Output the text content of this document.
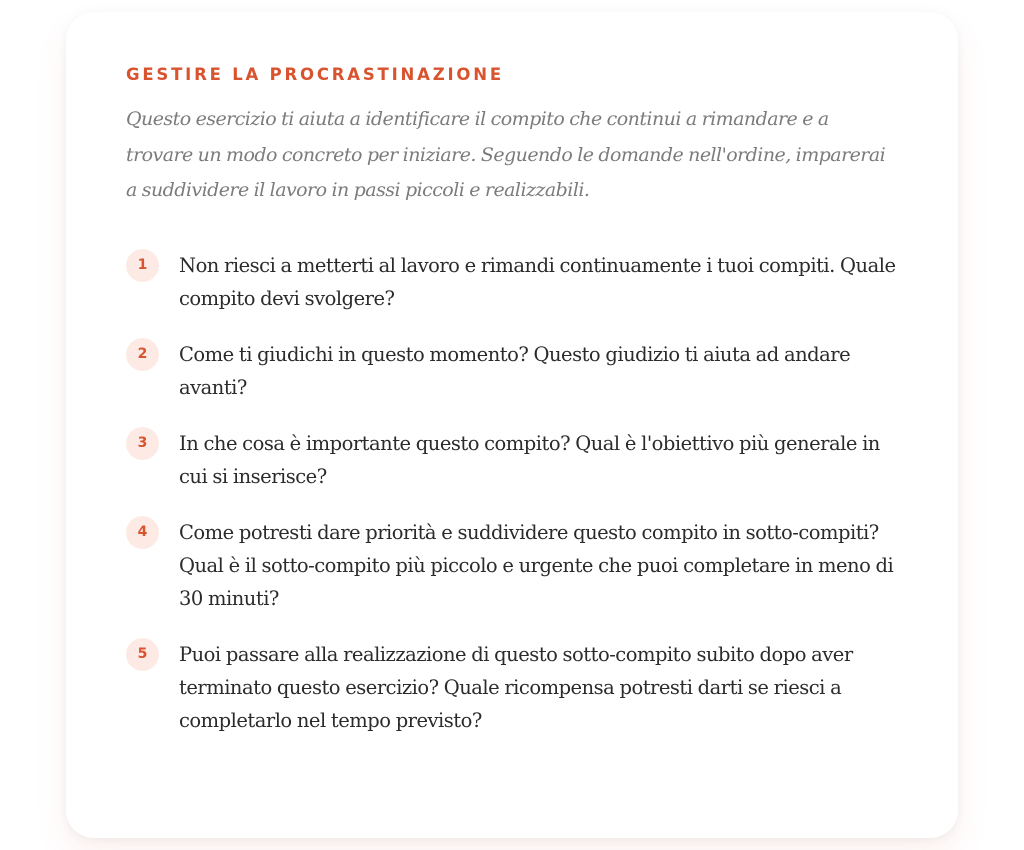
GESTIRE LA PROCRASTINAZIONE

Questo esercizio ti aiuta a identificare il compito che continui a rimandare e a trovare un modo concreto per iniziare. Seguendo le domande nell'ordine, imparerai a suddividere il lavoro in passi piccoli e realizzabili.

1	Non riesci a metterti al lavoro e rimandi continuamente i tuoi compiti. Quale compito devi svolgere?

2	Come ti giudichi in questo momento? Questo giudizio ti aiuta ad andare avanti?

3	In che cosa è importante questo compito? Qual è l'obiettivo più generale in cui si inserisce?

4	Come potresti dare priorità e suddividere questo compito in sotto-compiti? Qual è il sotto-compito più piccolo e urgente che puoi completare in meno di 30 minuti?

5	Puoi passare alla realizzazione di questo sotto-compito subito dopo aver terminato questo esercizio? Quale ricompensa potresti darti se riesci a completarlo nel tempo previsto?
